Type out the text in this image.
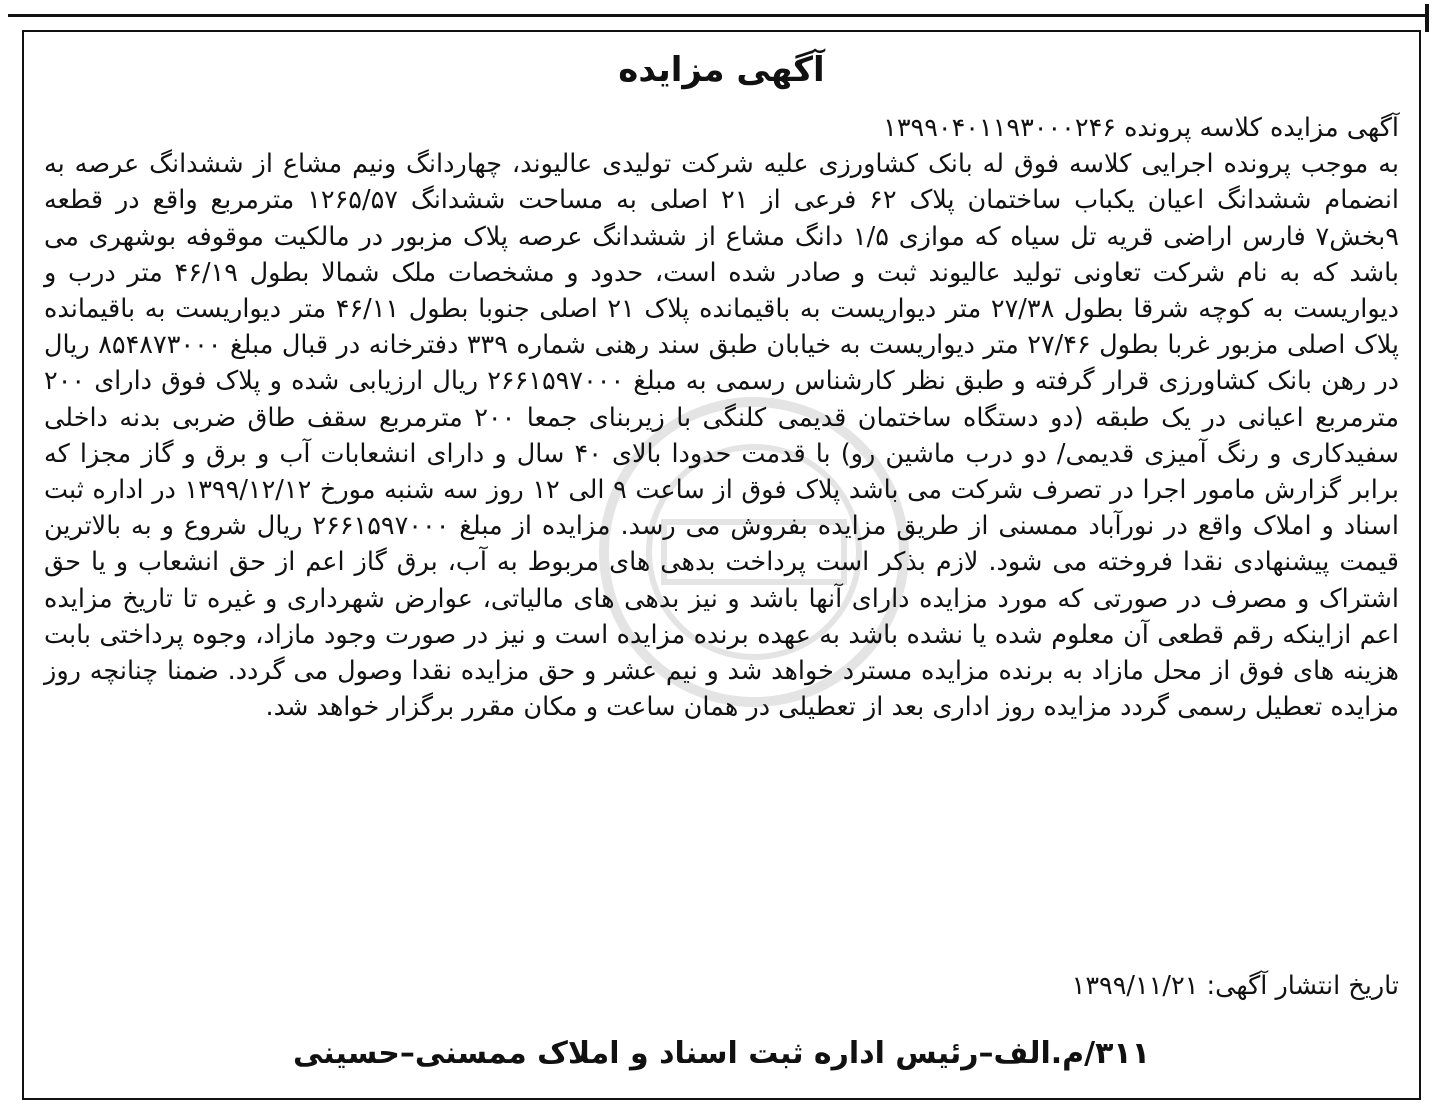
آگهی مزایده
آگهی مزایده کلاسه پرونده ۱۳۹۹۰۴۰۱۱۹۳۰۰۰۲۴۶
به موجب پرونده اجرایی کلاسه فوق له بانک کشاورزی علیه شرکت تولیدی عالیوند، چهاردانگ ونیم مشاع از ششدانگ عرصه به انضمام ششدانگ اعیان یکباب ساختمان پلاک ۶۲ فرعی از ۲۱ اصلی به مساحت ششدانگ ۱۲۶۵/۵۷ مترمربع واقع در قطعه ۹بخش۷ فارس اراضی قریه تل سیاه که موازی ۱/۵ دانگ مشاع از ششدانگ عرصه پلاک مزبور در مالکیت موقوفه بوشهری می باشد که به نام شرکت تعاونی تولید عالیوند ثبت و صادر شده است، حدود و مشخصات ملک شمالا بطول ۴۶/۱۹ متر درب و دیواریست به کوچه شرقا بطول ۲۷/۳۸ متر دیواریست به باقیمانده پلاک ۲۱ اصلی جنوبا بطول ۴۶/۱۱ متر دیواریست به باقیمانده پلاک اصلی مزبور غربا بطول ۲۷/۴۶ متر دیواریست به خیابان طبق سند رهنی شماره ۳۳۹ دفترخانه در قبال مبلغ ۸۵۴۸۷۳۰۰۰ ریال در رهن بانک کشاورزی قرار گرفته و طبق نظر کارشناس رسمی به مبلغ ۲۶۶۱۵۹۷۰۰۰ ریال ارزیابی شده و پلاک فوق دارای ۲۰۰ مترمربع اعیانی در یک طبقه (دو دستگاه ساختمان قدیمی کلنگی با زیربنای جمعا ۲۰۰ مترمربع سقف طاق ضربی بدنه داخلی سفیدکاری و رنگ آمیزی قدیمی/ دو درب ماشین رو) با قدمت حدودا بالای ۴۰ سال و دارای انشعابات آب و برق و گاز مجزا که برابر گزارش مامور اجرا در تصرف شرکت می باشد پلاک فوق از ساعت ۹ الی ۱۲ روز سه شنبه مورخ ۱۳۹۹/۱۲/۱۲ در اداره ثبت اسناد و املاک واقع در نورآباد ممسنی از طریق مزایده بفروش می رسد. مزایده از مبلغ ۲۶۶۱۵۹۷۰۰۰ ریال شروع و به بالاترین قیمت پیشنهادی نقدا فروخته می شود. لازم بذکر است پرداخت بدهی های مربوط به آب، برق گاز اعم از حق انشعاب و یا حق اشتراک و مصرف در صورتی که مورد مزایده دارای آنها باشد و نیز بدهی های مالیاتی، عوارض شهرداری و غیره تا تاریخ مزایده اعم ازاینکه رقم قطعی آن معلوم شده یا نشده باشد به عهده برنده مزایده است و نیز در صورت وجود مازاد، وجوه پرداختی بابت هزینه های فوق از محل مازاد به برنده مزایده مسترد خواهد شد و نیم عشر و حق مزایده نقدا وصول می گردد. ضمنا چنانچه روز مزایده تعطیل رسمی گردد مزایده روز اداری بعد از تعطیلی در همان ساعت و مکان مقرر برگزار خواهد شد.
تاریخ انتشار آگهی: ۱۳۹۹/۱۱/۲۱
۳۱۱/م.الف–رئیس اداره ثبت اسناد و املاک ممسنی–حسینی
